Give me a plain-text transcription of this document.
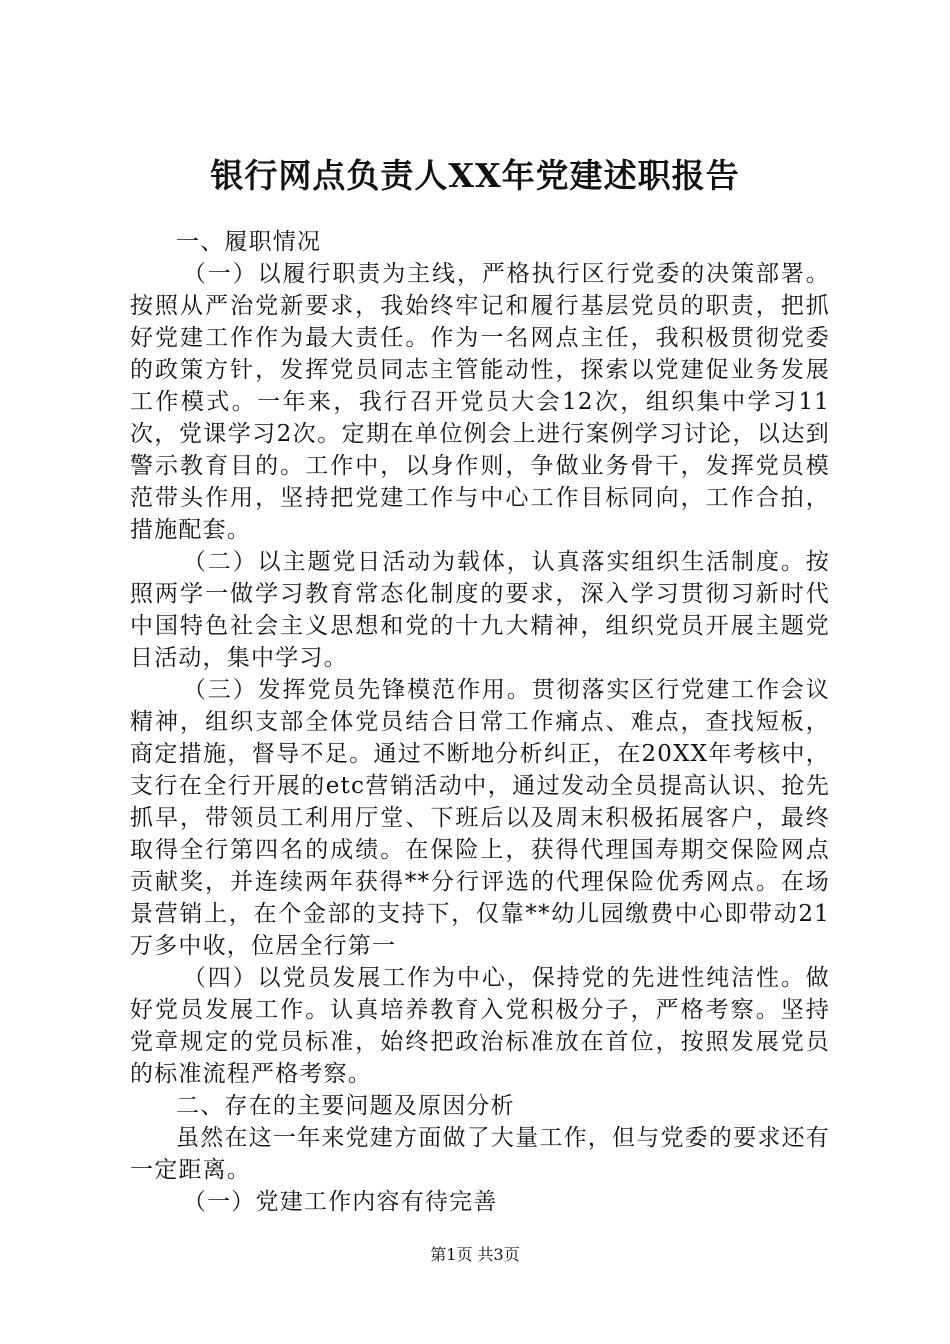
银行网点负责人XX年党建述职报告

一、履职情况

（一）以履行职责为主线，严格执行区行党委的决策部署。按照从严治党新要求，我始终牢记和履行基层党员的职责，把抓好党建工作作为最大责任。作为一名网点主任，我积极贯彻党委的政策方针，发挥党员同志主管能动性，探索以党建促业务发展工作模式。一年来，我行召开党员大会12次，组织集中学习11次，党课学习2次。定期在单位例会上进行案例学习讨论，以达到警示教育目的。工作中，以身作则，争做业务骨干，发挥党员模范带头作用，坚持把党建工作与中心工作目标同向，工作合拍，措施配套。

（二）以主题党日活动为载体，认真落实组织生活制度。按照两学一做学习教育常态化制度的要求，深入学习贯彻习新时代中国特色社会主义思想和党的十九大精神，组织党员开展主题党日活动，集中学习。

（三）发挥党员先锋模范作用。贯彻落实区行党建工作会议精神，组织支部全体党员结合日常工作痛点、难点，查找短板，商定措施，督导不足。通过不断地分析纠正，在20XX年考核中，支行在全行开展的etc营销活动中，通过发动全员提高认识、抢先抓早，带领员工利用厅堂、下班后以及周末积极拓展客户，最终取得全行第四名的成绩。在保险上，获得代理国寿期交保险网点贡献奖，并连续两年获得**分行评选的代理保险优秀网点。在场景营销上，在个金部的支持下，仅靠**幼儿园缴费中心即带动21万多中收，位居全行第一

（四）以党员发展工作为中心，保持党的先进性纯洁性。做好党员发展工作。认真培养教育入党积极分子，严格考察。坚持党章规定的党员标准，始终把政治标准放在首位，按照发展党员的标准流程严格考察。

二、存在的主要问题及原因分析

虽然在这一年来党建方面做了大量工作，但与党委的要求还有一定距离。

（一）党建工作内容有待完善

第1页 共3页
